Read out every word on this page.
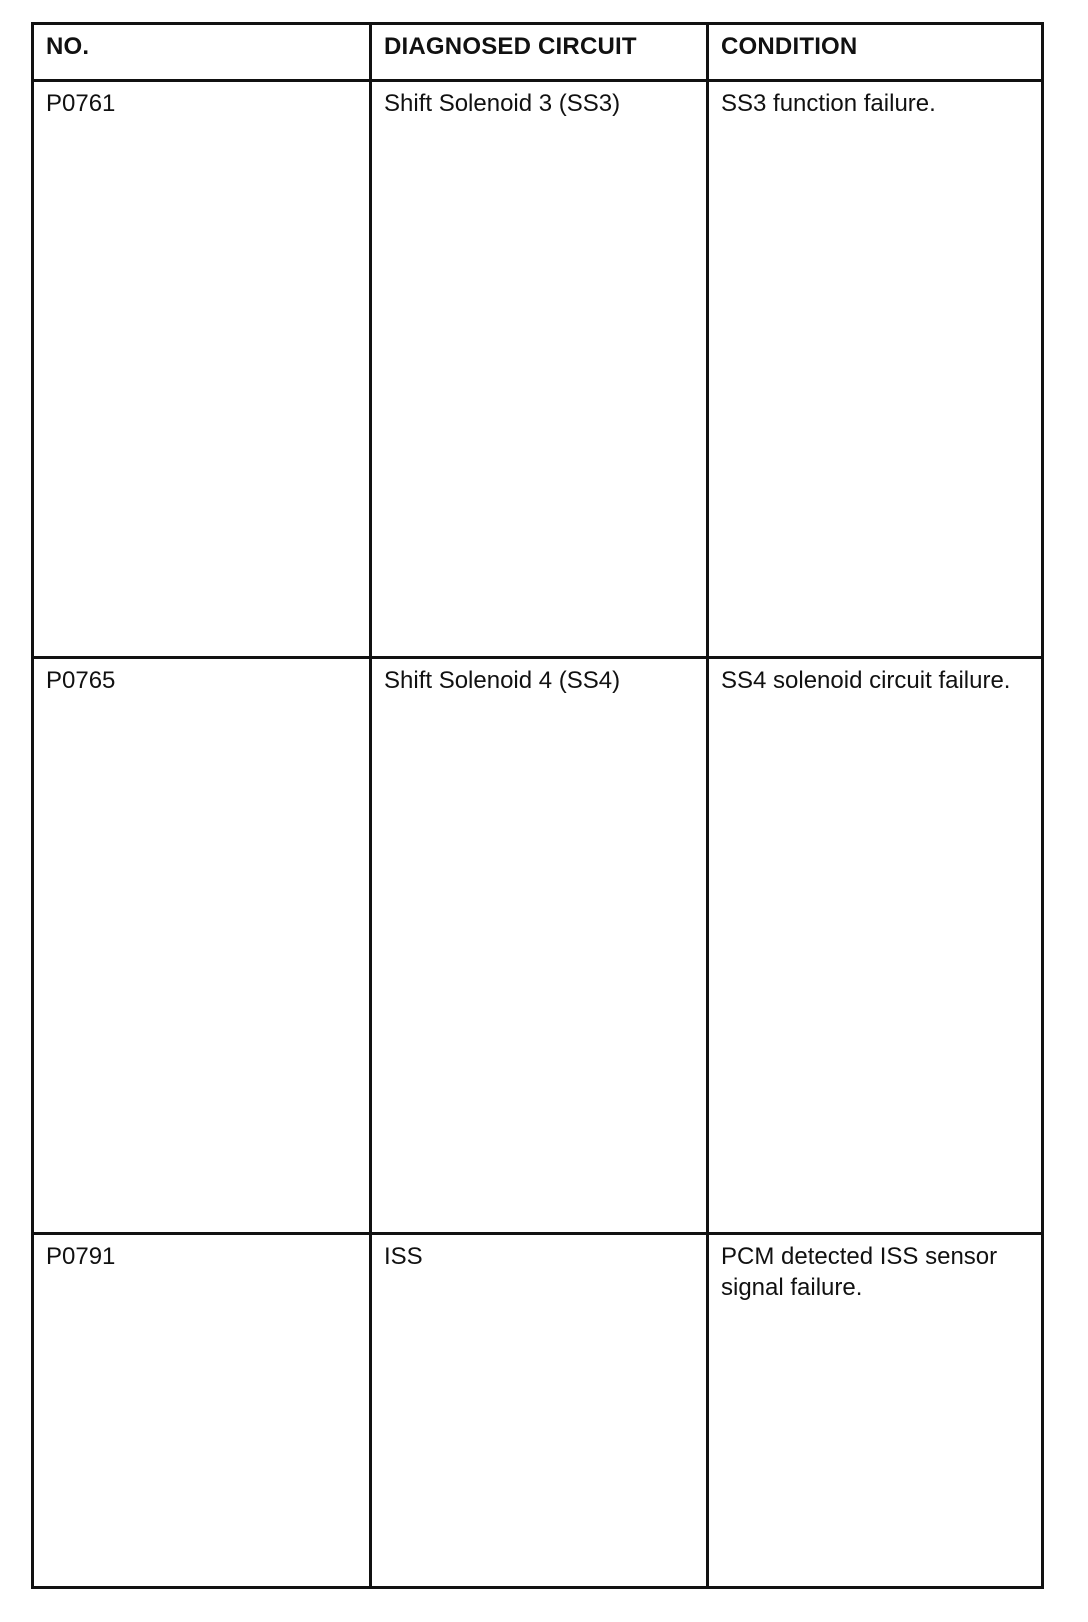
NO.	DIAGNOSED CIRCUIT	CONDITION
P0761	Shift Solenoid 3 (SS3)	SS3 function failure.
P0765	Shift Solenoid 4 (SS4)	SS4 solenoid circuit failure.
P0791	ISS	PCM detected ISS sensor signal failure.
